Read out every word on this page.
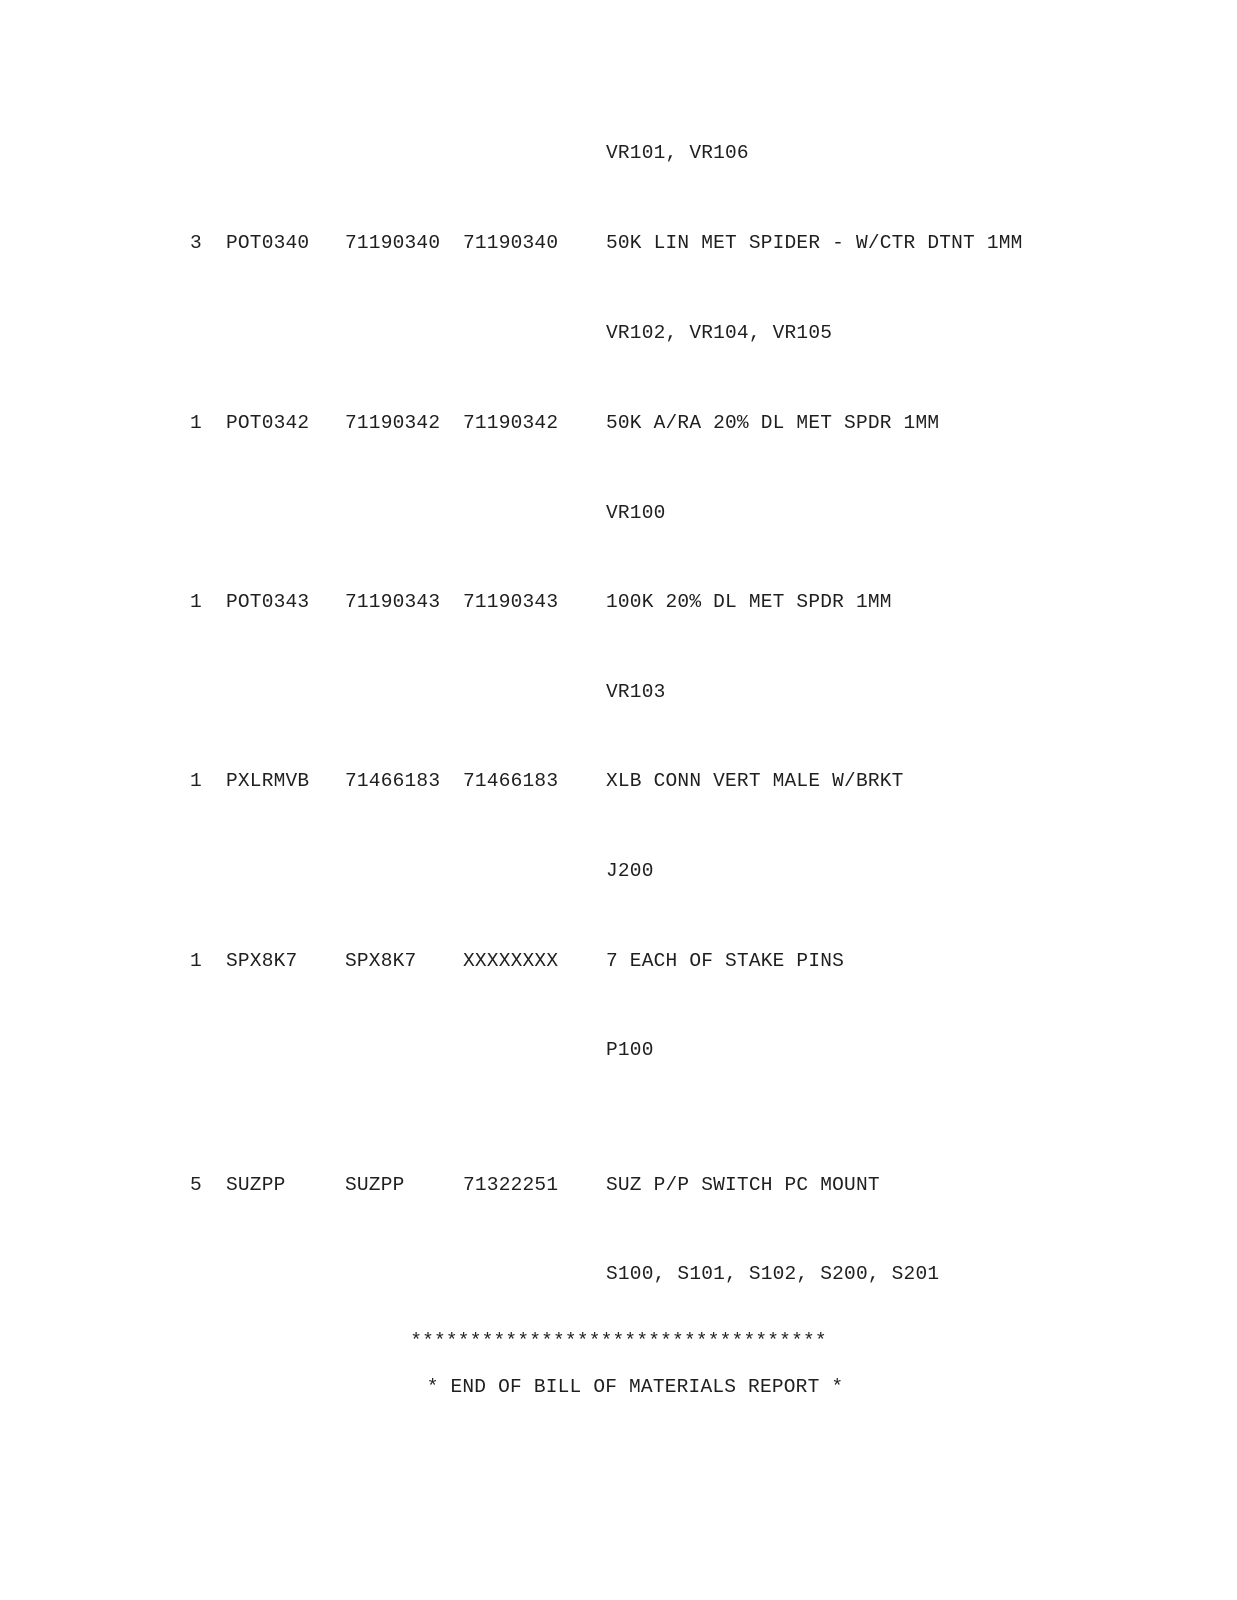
VR101, VR106
3 POT0340 71190340 71190340 50K LIN MET SPIDER - W/CTR DTNT 1MM
VR102, VR104, VR105
1 POT0342 71190342 71190342 50K A/RA 20% DL MET SPDR 1MM
VR100
1 POT0343 71190343 71190343 100K 20% DL MET SPDR 1MM
VR103
1 PXLRMVB 71466183 71466183 XLB CONN VERT MALE W/BRKT
J200
1 SPX8K7 SPX8K7 XXXXXXXX 7 EACH OF STAKE PINS
P100
5 SUZPP	SUZPP	71322251 SUZ P/P SWITCH PC MOUNT
S100, S101, S102, S200, S201
***********************************
* END OF BILL OF MATERIALS REPORT *
